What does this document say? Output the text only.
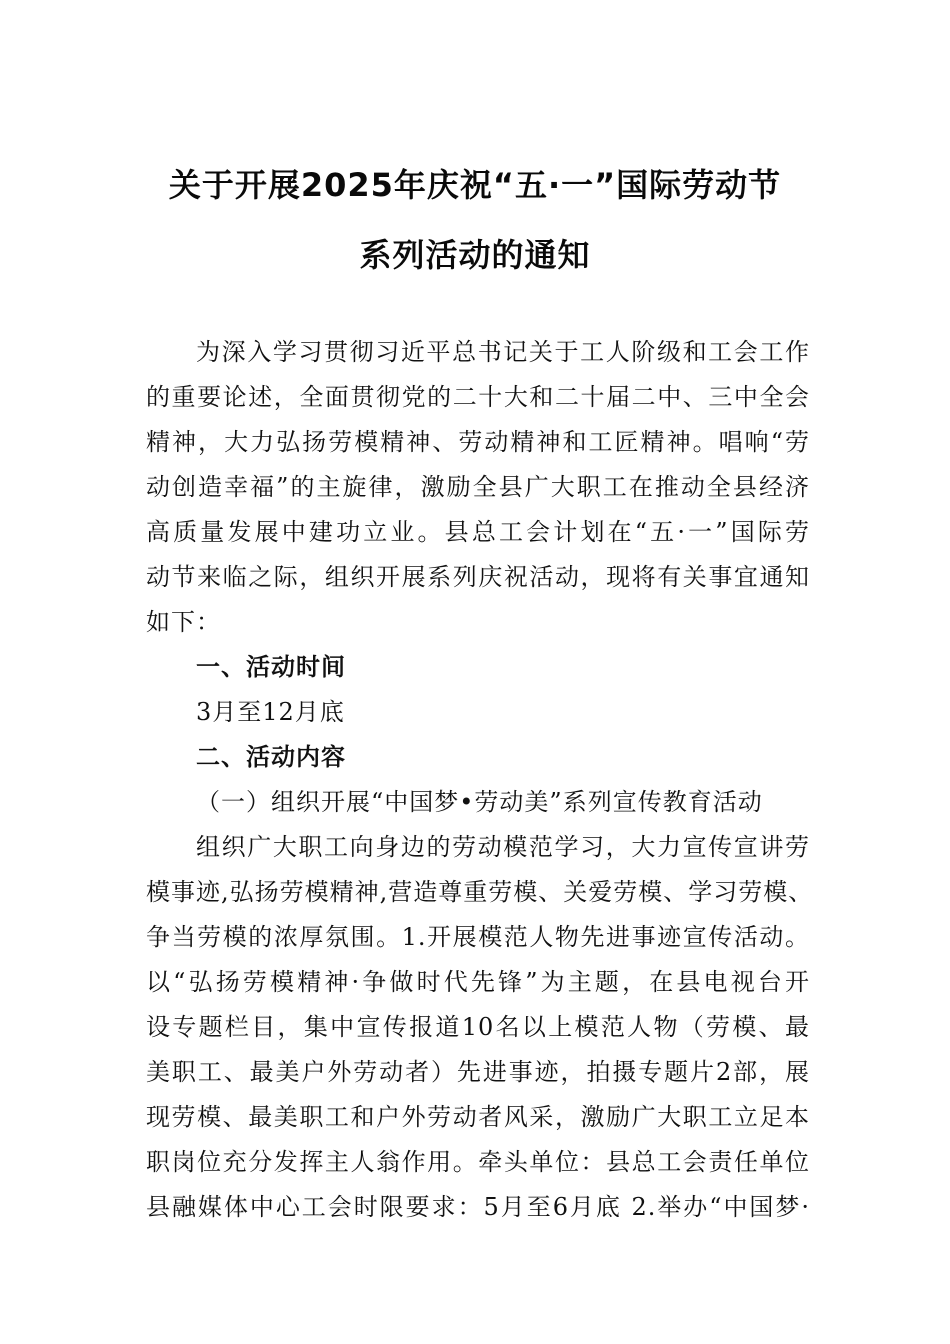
关于开展2025年庆祝“五·一”国际劳动节
系列活动的通知
为深入学习贯彻习近平总书记关于工人阶级和工会工作
的重要论述，全面贯彻党的二十大和二十届二中、三中全会
精神，大力弘扬劳模精神、劳动精神和工匠精神。唱响“劳
动创造幸福”的主旋律，激励全县广大职工在推动全县经济
高质量发展中建功立业。县总工会计划在“五·一”国际劳
动节来临之际，组织开展系列庆祝活动，现将有关事宜通知
如下：
一、活动时间
3月至12月底
二、活动内容
（一）组织开展“中国梦•劳动美”系列宣传教育活动
组织广大职工向身边的劳动模范学习，大力宣传宣讲劳
模事迹,弘扬劳模精神,营造尊重劳模、关爱劳模、学习劳模、
争当劳模的浓厚氛围。1.开展模范人物先进事迹宣传活动。
以“弘扬劳模精神·争做时代先锋”为主题，在县电视台开
设专题栏目，集中宣传报道10名以上模范人物（劳模、最
美职工、最美户外劳动者）先进事迹，拍摄专题片2部，展
现劳模、最美职工和户外劳动者风采，激励广大职工立足本
职岗位充分发挥主人翁作用。牵头单位：县总工会责任单位
县融媒体中心工会时限要求：5月至6月底 2.举办“中国梦·
